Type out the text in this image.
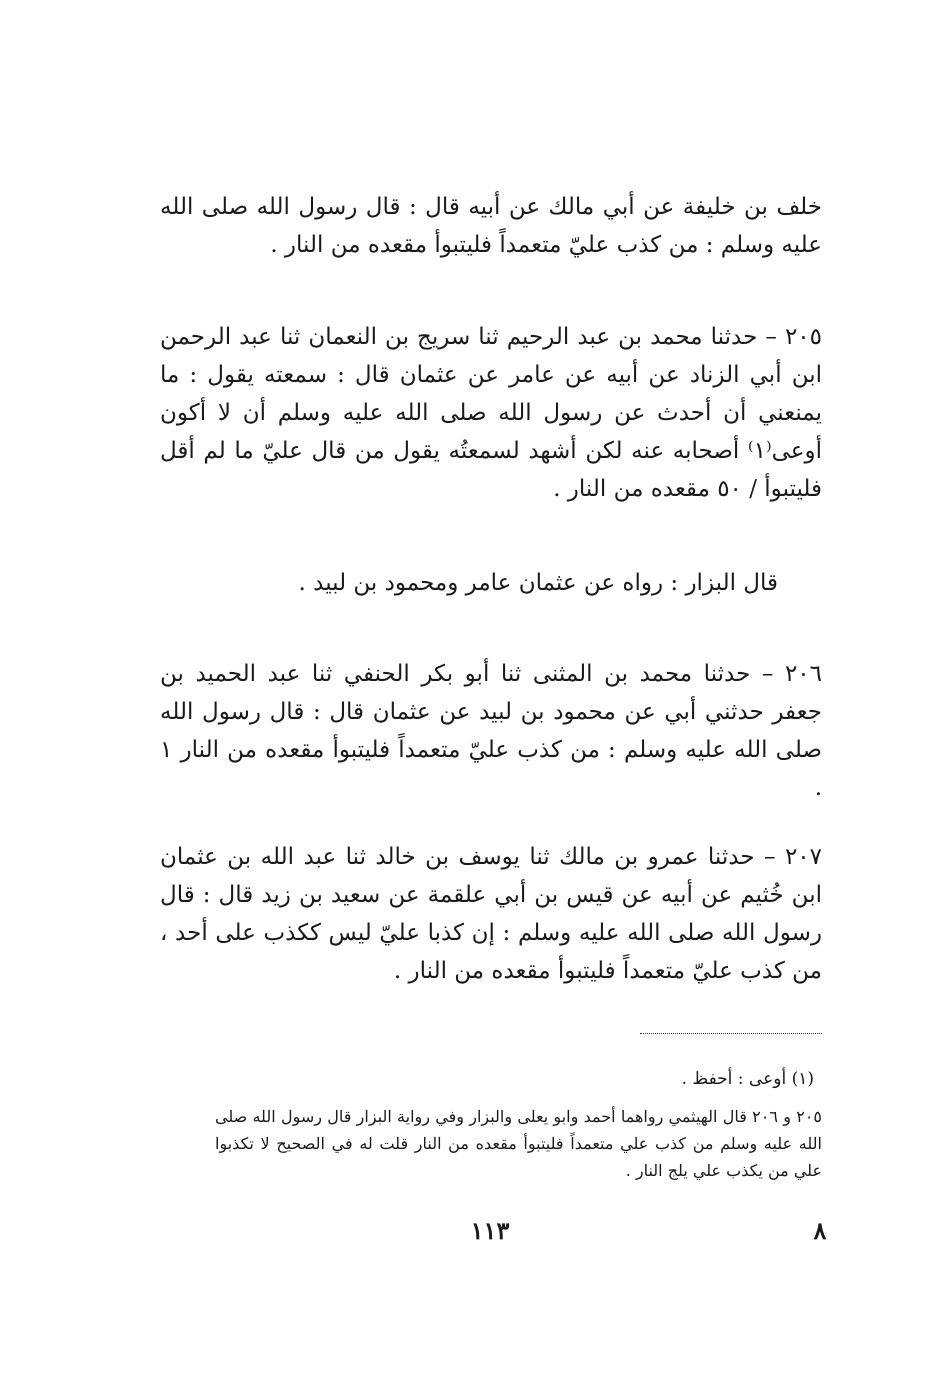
خلف بن خليفة عن أبي مالك عن أبيه قال : قال رسول الله صلى الله عليه وسلم : من كذب عليّ متعمداً فليتبوأ مقعده من النار .

٢٠٥ – حدثنا محمد بن عبد الرحيم ثنا سريج بن النعمان ثنا عبد الرحمن ابن أبي الزناد عن أبيه عن عامر عن عثمان قال : سمعته يقول : ما يمنعني أن أحدث عن رسول الله صلى الله عليه وسلم أن لا أكون أوعى⁽١⁾ أصحابه عنه لكن أشهد لسمعتُه يقول من قال عليّ ما لم أقل فليتبوأ / ٥٠ مقعده من النار .

قال البزار : رواه عن عثمان عامر ومحمود بن لبيد .

٢٠٦ – حدثنا محمد بن المثنى ثنا أبو بكر الحنفي ثنا عبد الحميد بن جعفر حدثني أبي عن محمود بن لبيد عن عثمان قال : قال رسول الله صلى الله عليه وسلم : من كذب عليّ متعمداً فليتبوأ مقعده من النار ١ .

٢٠٧ – حدثنا عمرو بن مالك ثنا يوسف بن خالد ثنا عبد الله بن عثمان ابن خُثيم عن أبيه عن قيس بن أبي علقمة عن سعيد بن زيد قال : قال رسول الله صلى الله عليه وسلم : إن كذبا عليّ ليس ككذب على أحد ، من كذب عليّ متعمداً فليتبوأ مقعده من النار .

(١) أوعى : أحفظ .

٢٠٥ و ٢٠٦ قال الهيثمي رواهما أحمد وابو يعلى والبزار وفي رواية البزار قال رسول الله صلى الله عليه وسلم من كذب علي متعمداً فليتبوأ مقعده من النار قلت له في الصحيح لا تكذبوا علي من يكذب علي يلج النار .

١١٣	٨
